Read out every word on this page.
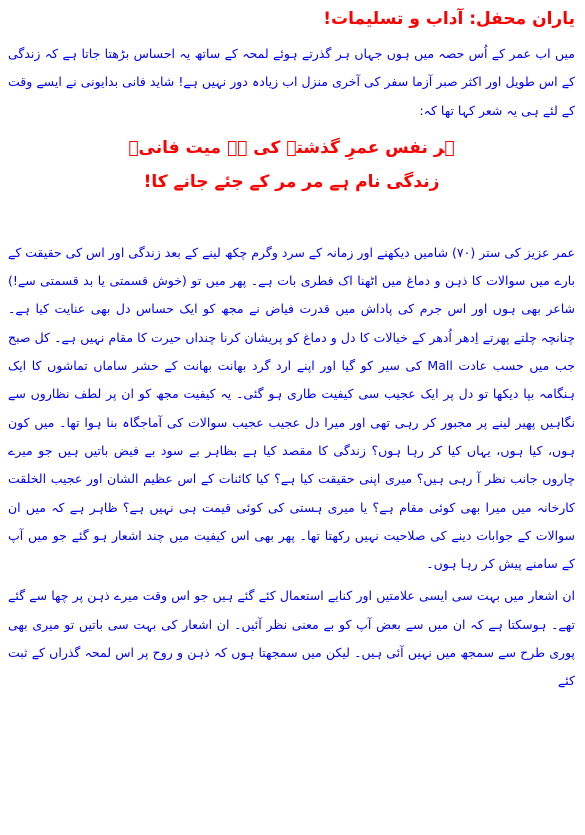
یاران محفل: آداب و تسلیمات!

میں اب عمر کے اُس حصہ میں ہوں جہاں ہر گذرتے ہوئے لمحہ کے ساتھ یہ احساس بڑھتا جاتا ہے کہ زندگی کے اس طویل اور اکثر صبر آزما سفر کی آخری منزل اب زیادہ دور نہیں ہے! شاید فانی بدایونی نے ایسے وقت کے لئے ہی یہ شعر کہا تھا کہ:

ہر نفس عمرِ گذشتہ کی ہے میت فانیؔ

زندگی نام ہے مر مر کے جئے جانے کا!

عمر عزیز کی ستر (۷۰) شامیں دیکھنے اور زمانہ کے سرد وگرم چکھ لینے کے بعد زندگی اور اس کی حقیقت کے بارے میں سوالات کا ذہن و دماغ میں اٹھنا اک فطری بات ہے۔ پھر میں تو (خوش قسمتی یا بد قسمتی سے!) شاعر بھی ہوں اور اس جرم کی پاداش میں قدرت فیاض نے مجھ کو ایک حساس دل بھی عنایت کیا ہے۔ چنانچہ چلتے پھرتے اِدھر اُدھر کے خیالات کا دل و دماغ کو پریشان کرنا چنداں حیرت کا مقام نہیں ہے۔ کل صبح جب میں حسب عادت Mall کی سیر کو گیا اور اپنے ارد گرد بھانت بھانت کے حشر ساماں تماشوں کا ایک ہنگامہ بپا دیکھا تو دل پر ایک عجیب سی کیفیت طاری ہو گئی۔ یہ کیفیت مجھ کو ان پر لطف نظاروں سے نگاہیں پھیر لینے پر مجبور کر رہی تھی اور میرا دل عجیب عجیب سوالات کی آماجگاہ بنا ہوا تھا۔ میں کون ہوں، کیا ہوں، یہاں کیا کر رہا ہوں؟ زندگی کا مقصد کیا ہے بظاہر بے سود بے فیض باتیں ہیں جو میرے چاروں جانب نظر آ رہی ہیں؟ میری اپنی حقیقت کیا ہے؟ کیا کائنات کے اس عظیم الشان اور عجیب الخلقت کارخانہ میں میرا بھی کوئی مقام ہے؟ یا میری ہستی کی کوئی قیمت ہی نہیں ہے؟ ظاہر ہے کہ میں ان سوالات کے جوابات دینے کی صلاحیت نہیں رکھتا تھا۔ پھر بھی اس کیفیت میں چند اشعار ہو گئے جو میں آپ کے سامنے پیش کر رہا ہوں۔

ان اشعار میں بہت سی ایسی علامتیں اور کنایے استعمال کئے گئے ہیں جو اس وقت میرے ذہن پر چھا سے گئے تھے۔ ہوسکتا ہے کہ ان میں سے بعض آپ کو بے معنی نظر آئیں۔ ان اشعار کی بہت سی باتیں تو میری بھی پوری طرح سے سمجھ میں نہیں آئی ہیں۔ لیکن میں سمجھتا ہوں کہ ذہن و روح پر اس لمحہ گذراں کے ثبت کئے
